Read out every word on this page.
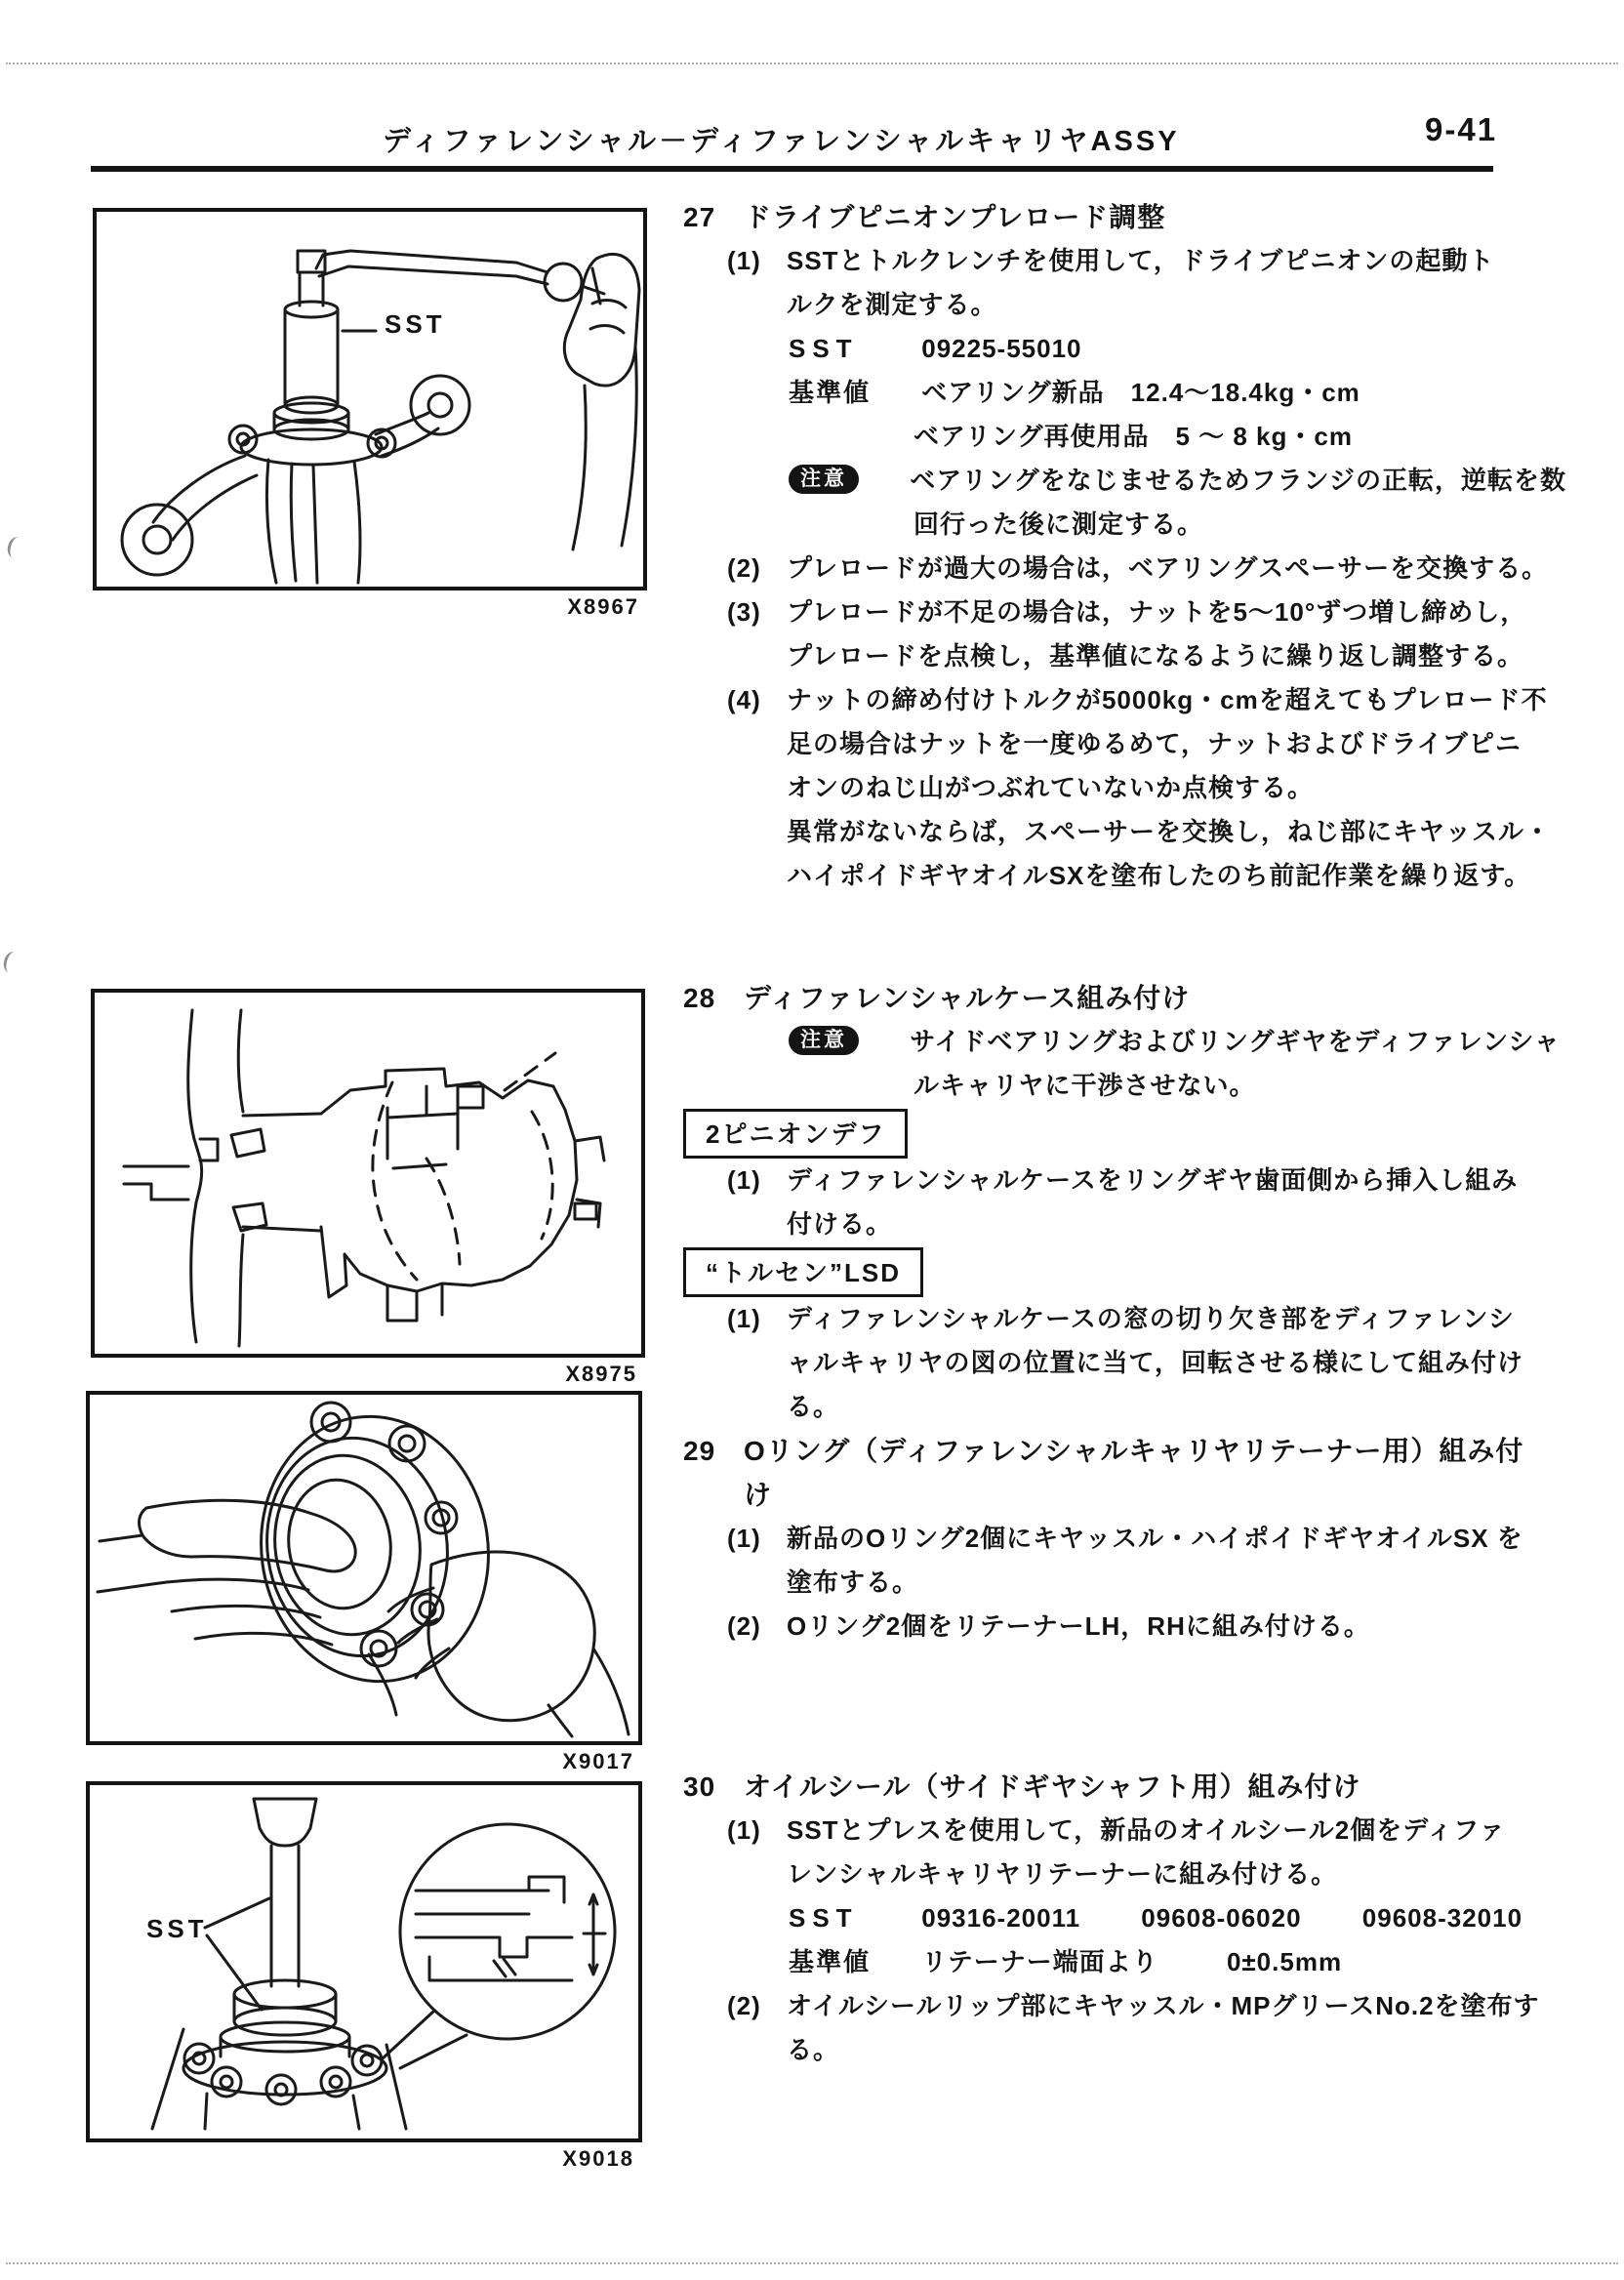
ディファレンシャル－ディファレンシャルキャリヤASSY	9-41
SST
X8967
X8975
X9017
SST
X9018
27	ドライブピニオンプレロード調整
(1)	SSTとトルクレンチを使用して，ドライブピニオンの起動ト
ルクを測定する。
SST 09225-55010
基準値 ベアリング新品　12.4〜18.4kg・cm
ベアリング再使用品　5 〜 8 kg・cm
注意 ベアリングをなじませるためフランジの正転，逆転を数
回行った後に測定する。
(2)	プレロードが過大の場合は，ベアリングスペーサーを交換する。
(3)	プレロードが不足の場合は，ナットを5〜10°ずつ増し締めし，
プレロードを点検し，基準値になるように繰り返し調整する。
(4)	ナットの締め付けトルクが5000kg・cmを超えてもプレロード不
足の場合はナットを一度ゆるめて，ナットおよびドライブピニ
オンのねじ山がつぶれていないか点検する。
異常がないならば，スペーサーを交換し，ねじ部にキヤッスル・
ハイポイドギヤオイルSXを塗布したのち前記作業を繰り返す。
28	ディファレンシャルケース組み付け
注意 サイドベアリングおよびリングギヤをディファレンシャ
ルキャリヤに干渉させない。
2ピニオンデフ
(1)	ディファレンシャルケースをリングギヤ歯面側から挿入し組み
付ける。
“トルセン”LSD
(1)	ディファレンシャルケースの窓の切り欠き部をディファレンシ
ャルキャリヤの図の位置に当て，回転させる様にして組み付け
る。
29	Oリング（ディファレンシャルキャリヤリテーナー用）組み付
け
(1)	新品のOリング2個にキヤッスル・ハイポイドギヤオイルSX を
塗布する。
(2)	Oリング2個をリテーナーLH，RHに組み付ける。
30	オイルシール（サイドギヤシャフト用）組み付け
(1)	SSTとプレスを使用して，新品のオイルシール2個をディファ
レンシャルキャリヤリテーナーに組み付ける。
SST 09316-20011 09608-06020 09608-32010
基準値 リテーナー端面より	0±0.5mm
(2)	オイルシールリップ部にキヤッスル・MPグリースNo.2を塗布す
る。
